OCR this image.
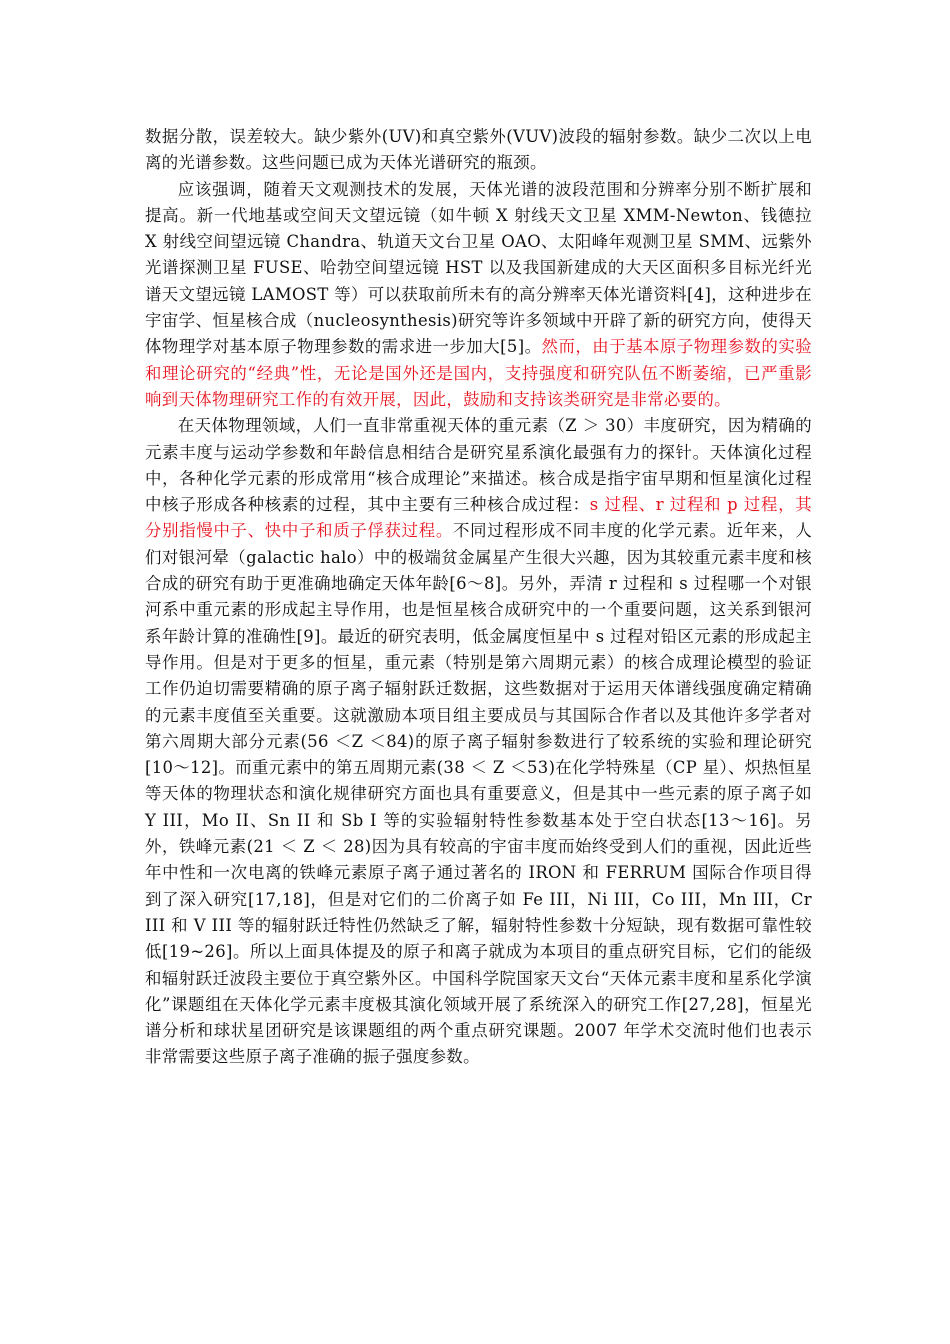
数据分散，误差较大。缺少紫外(UV)和真空紫外(VUV)波段的辐射参数。缺少二次以上电离的光谱参数。这些问题已成为天体光谱研究的瓶颈。

应该强调，随着天文观测技术的发展，天体光谱的波段范围和分辨率分别不断扩展和提高。新一代地基或空间天文望远镜（如牛顿 X 射线天文卫星 XMM-Newton、钱德拉 X 射线空间望远镜 Chandra、轨道天文台卫星 OAO、太阳峰年观测卫星 SMM、远紫外光谱探测卫星 FUSE、哈勃空间望远镜 HST 以及我国新建成的大天区面积多目标光纤光谱天文望远镜 LAMOST 等）可以获取前所未有的高分辨率天体光谱资料[4]，这种进步在宇宙学、恒星核合成（nucleosynthesis)研究等许多领域中开辟了新的研究方向，使得天体物理学对基本原子物理参数的需求进一步加大[5]。然而，由于基本原子物理参数的实验和理论研究的“经典”性，无论是国外还是国内，支持强度和研究队伍不断萎缩，已严重影响到天体物理研究工作的有效开展，因此，鼓励和支持该类研究是非常必要的。

在天体物理领域，人们一直非常重视天体的重元素（Z ＞ 30）丰度研究，因为精确的元素丰度与运动学参数和年龄信息相结合是研究星系演化最强有力的探针。天体演化过程中，各种化学元素的形成常用“核合成理论”来描述。核合成是指宇宙早期和恒星演化过程中核子形成各种核素的过程，其中主要有三种核合成过程：s 过程、r 过程和 p 过程，其分别指慢中子、快中子和质子俘获过程。不同过程形成不同丰度的化学元素。近年来，人们对银河晕（galactic halo）中的极端贫金属星产生很大兴趣，因为其较重元素丰度和核合成的研究有助于更准确地确定天体年龄[6～8]。另外，弄清 r 过程和 s 过程哪一个对银河系中重元素的形成起主导作用，也是恒星核合成研究中的一个重要问题，这关系到银河系年龄计算的准确性[9]。最近的研究表明，低金属度恒星中 s 过程对铅区元素的形成起主导作用。但是对于更多的恒星，重元素（特别是第六周期元素）的核合成理论模型的验证工作仍迫切需要精确的原子离子辐射跃迁数据，这些数据对于运用天体谱线强度确定精确的元素丰度值至关重要。这就激励本项目组主要成员与其国际合作者以及其他许多学者对第六周期大部分元素(56 ＜Z ＜84)的原子离子辐射参数进行了较系统的实验和理论研究[10～12]。而重元素中的第五周期元素(38 ＜ Z ＜53)在化学特殊星（CP 星）、炽热恒星等天体的物理状态和演化规律研究方面也具有重要意义，但是其中一些元素的原子离子如 Y III，Mo II、Sn II 和 Sb I 等的实验辐射特性参数基本处于空白状态[13～16]。另外，铁峰元素(21 ＜ Z ＜ 28)因为具有较高的宇宙丰度而始终受到人们的重视，因此近些年中性和一次电离的铁峰元素原子离子通过著名的 IRON 和 FERRUM 国际合作项目得到了深入研究[17,18]，但是对它们的二价离子如 Fe III，Ni III，Co III，Mn III，Cr III 和 V III 等的辐射跃迁特性仍然缺乏了解，辐射特性参数十分短缺，现有数据可靠性较低[19~26]。所以上面具体提及的原子和离子就成为本项目的重点研究目标，它们的能级和辐射跃迁波段主要位于真空紫外区。中国科学院国家天文台“天体元素丰度和星系化学演化”课题组在天体化学元素丰度极其演化领域开展了系统深入的研究工作[27,28]，恒星光谱分析和球状星团研究是该课题组的两个重点研究课题。2007 年学术交流时他们也表示非常需要这些原子离子准确的振子强度参数。
